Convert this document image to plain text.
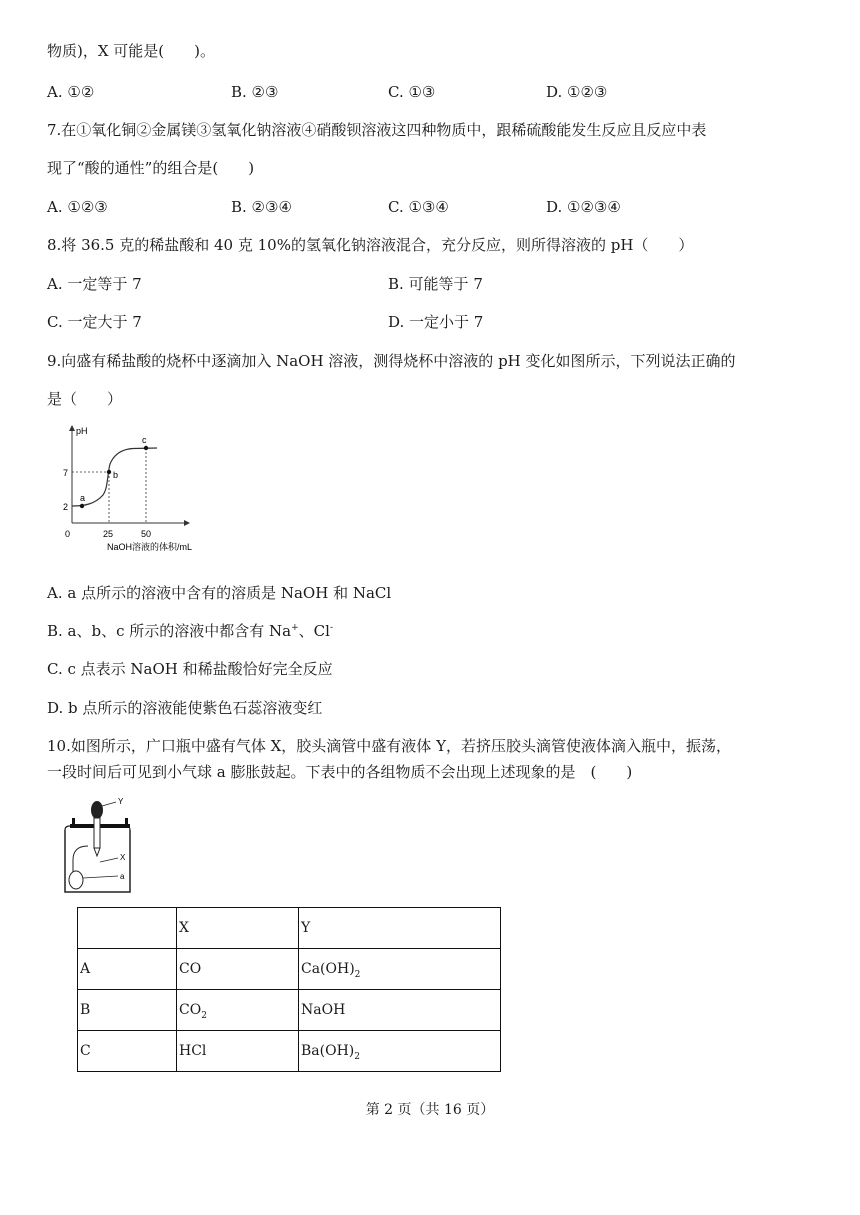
物质)，X 可能是(　　)。
A. ①②	B. ②③	C. ①③	D. ①②③
7.在①氧化铜②金属镁③氢氧化钠溶液④硝酸钡溶液这四种物质中，跟稀硫酸能发生反应且反应中表
现了“酸的通性”的组合是(　　)
A. ①②③	B. ②③④	C. ①③④	D. ①②③④
8.将 36.5 克的稀盐酸和 40 克 10%的氢氧化钠溶液混合，充分反应，则所得溶液的 pH（　　）
A. 一定等于 7	B. 可能等于 7
C. 一定大于 7	D. 一定小于 7
9.向盛有稀盐酸的烧杯中逐滴加入 NaOH 溶液，测得烧杯中溶液的 pH 变化如图所示，下列说法正确的
是（　　）
pH
7
2
0	25	50
NaOH溶液的体积/mL
a
b
c
A. a 点所示的溶液中含有的溶质是 NaOH 和 NaCl
B. a、b、c 所示的溶液中都含有 Na+、Cl-
C. c 点表示 NaOH 和稀盐酸恰好完全反应
D. b 点所示的溶液能使紫色石蕊溶液变红
10.如图所示，广口瓶中盛有气体 X，胶头滴管中盛有液体 Y，若挤压胶头滴管使液体滴入瓶中，振荡，
一段时间后可见到小气球 a 膨胀鼓起。下表中的各组物质不会出现上述现象的是　(　　)
Y
X
a
	X	Y
A	CO	$Ca(OH)_2$
B	$CO_2$	NaOH
C	HCl	$Ba(OH)_2$
第 2 页（共 16 页）
